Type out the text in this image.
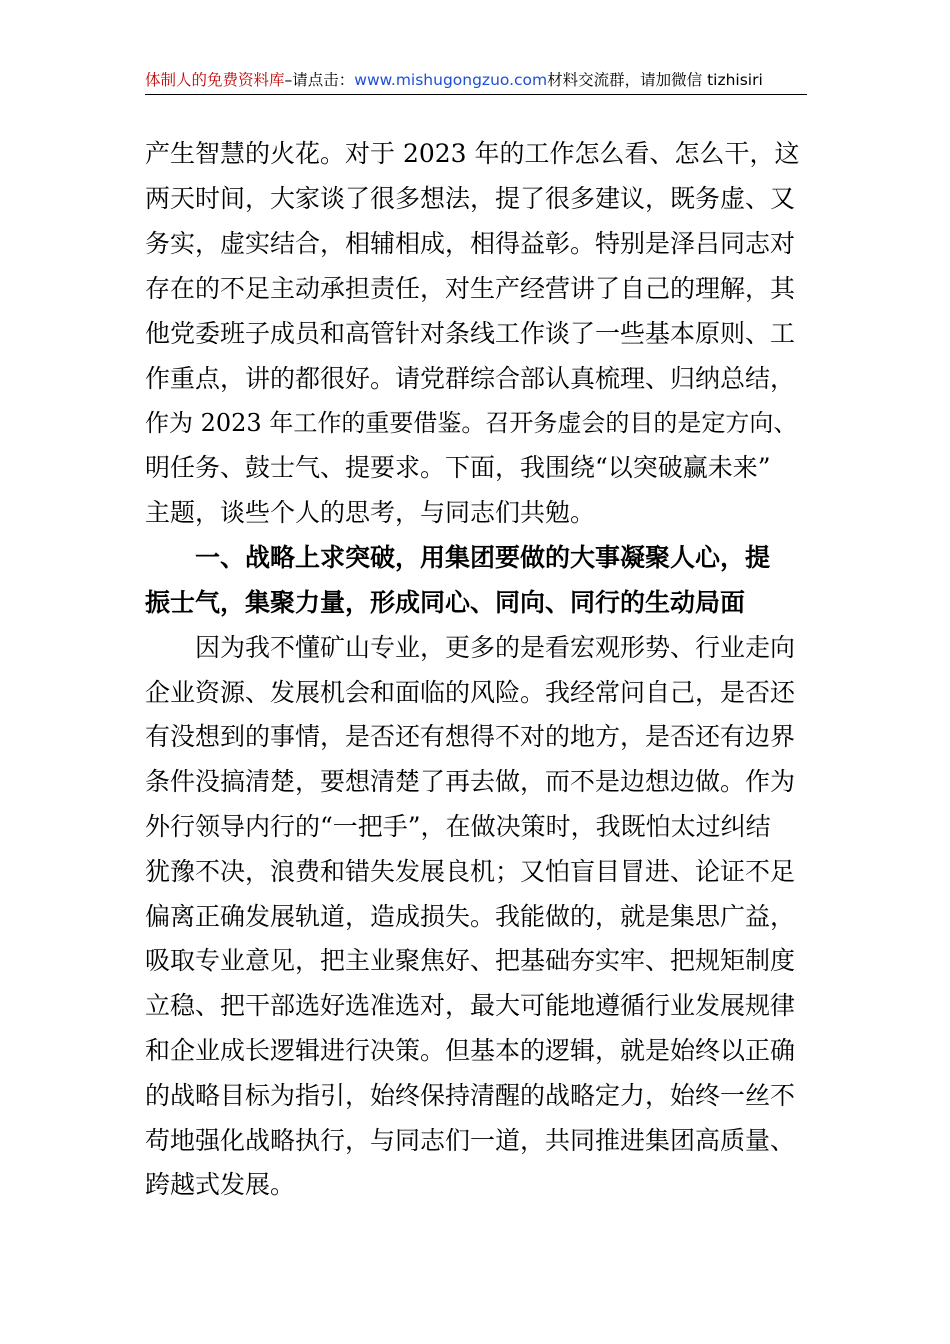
体制人的免费资料库–请点击：www.mishugongzuo.com材料交流群，请加微信 tizhisiri
产生智慧的火花。对于 2023 年的工作怎么看、怎么干，这
两天时间，大家谈了很多想法，提了很多建议，既务虚、又
务实，虚实结合，相辅相成，相得益彰。特别是泽吕同志对
存在的不足主动承担责任，对生产经营讲了自己的理解，其
他党委班子成员和高管针对条线工作谈了一些基本原则、工
作重点，讲的都很好。请党群综合部认真梳理、归纳总结，
作为 2023 年工作的重要借鉴。召开务虚会的目的是定方向、
明任务、鼓士气、提要求。下面，我围绕“以突破赢未来”
主题，谈些个人的思考，与同志们共勉。
一、战略上求突破，用集团要做的大事凝聚人心，提
振士气，集聚力量，形成同心、同向、同行的生动局面
因为我不懂矿山专业，更多的是看宏观形势、行业走向
企业资源、发展机会和面临的风险。我经常问自己，是否还
有没想到的事情，是否还有想得不对的地方，是否还有边界
条件没搞清楚，要想清楚了再去做，而不是边想边做。作为
外行领导内行的“一把手”，在做决策时，我既怕太过纠结
犹豫不决，浪费和错失发展良机；又怕盲目冒进、论证不足
偏离正确发展轨道，造成损失。我能做的，就是集思广益，
吸取专业意见，把主业聚焦好、把基础夯实牢、把规矩制度
立稳、把干部选好选准选对，最大可能地遵循行业发展规律
和企业成长逻辑进行决策。但基本的逻辑，就是始终以正确
的战略目标为指引，始终保持清醒的战略定力，始终一丝不
苟地强化战略执行，与同志们一道，共同推进集团高质量、
跨越式发展。
